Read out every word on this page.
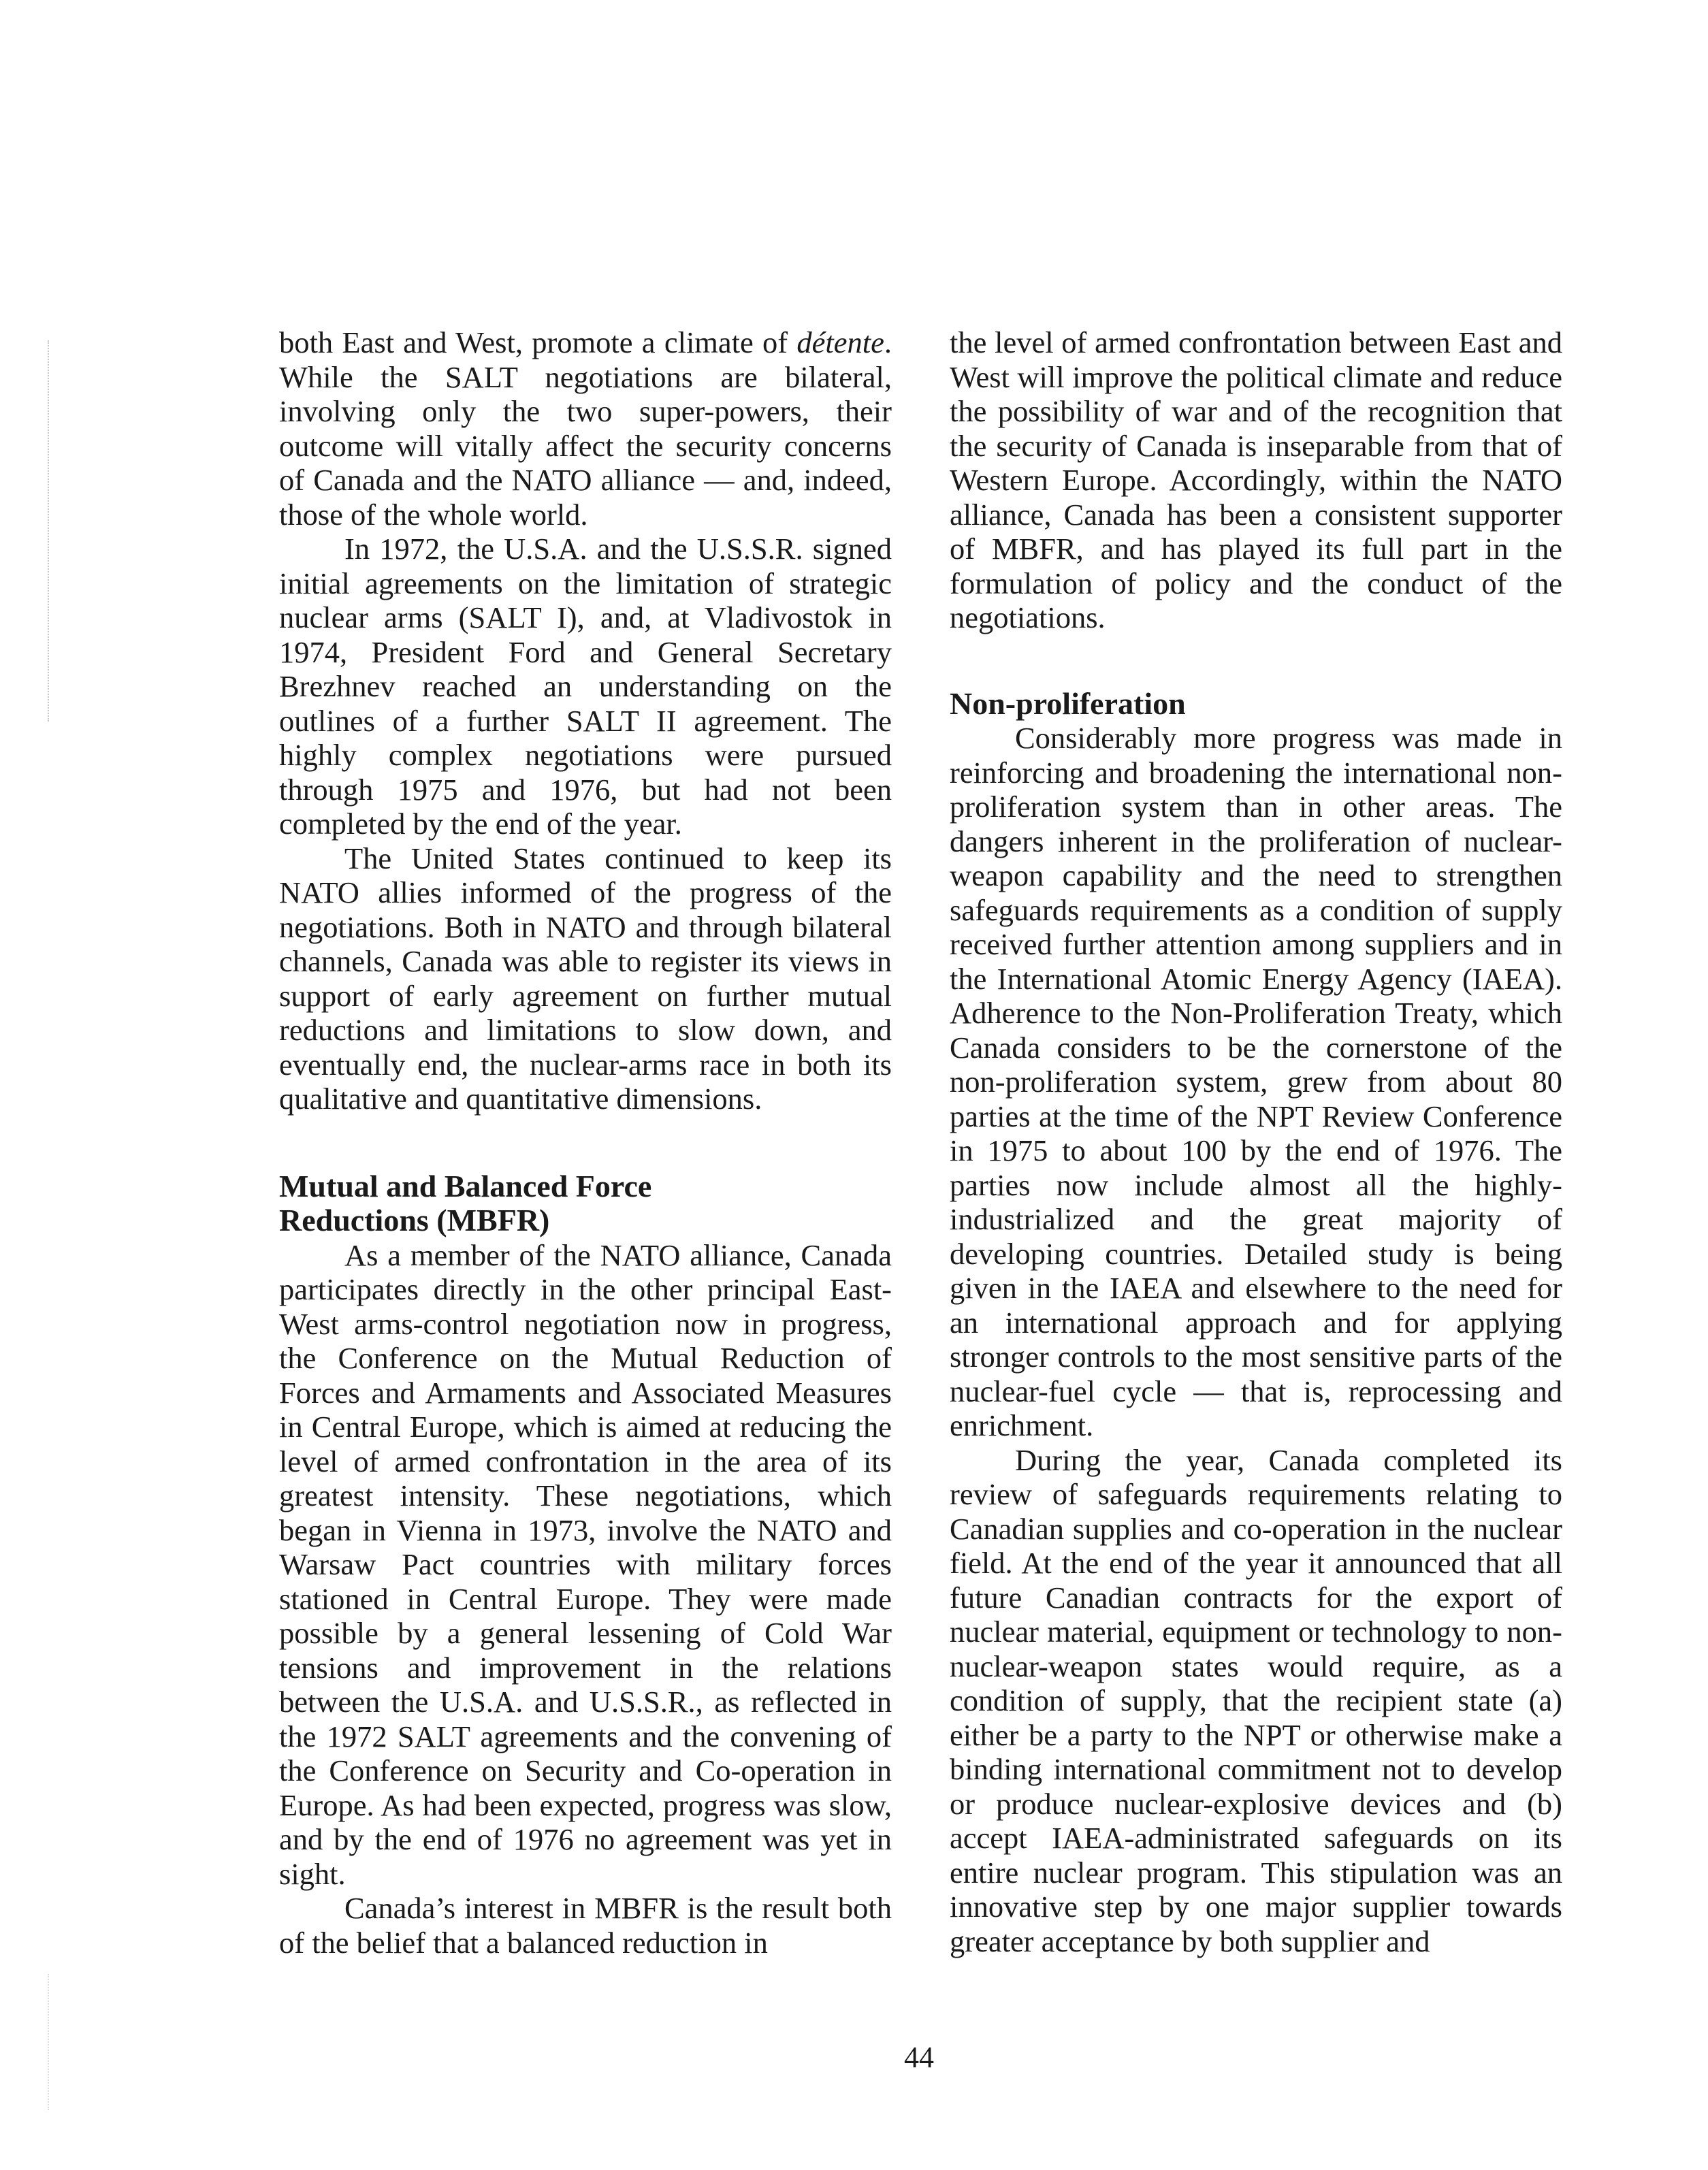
both East and West, promote a climate of détente. While the SALT negotiations are bilateral, involving only the two super-powers, their outcome will vitally affect the security concerns of Canada and the NATO alliance — and, indeed, those of the whole world.

In 1972, the U.S.A. and the U.S.S.R. signed initial agreements on the limitation of strategic nuclear arms (SALT I), and, at Vladivostok in 1974, President Ford and General Secretary Brezhnev reached an understanding on the outlines of a further SALT II agreement. The highly complex negotiations were pursued through 1975 and 1976, but had not been completed by the end of the year.

The United States continued to keep its NATO allies informed of the progress of the negotiations. Both in NATO and through bilateral channels, Canada was able to register its views in support of early agreement on further mutual reductions and limitations to slow down, and eventually end, the nuclear-arms race in both its qualitative and quantitative dimensions.

Mutual and Balanced Force
Reductions (MBFR)

As a member of the NATO alliance, Canada participates directly in the other principal East-West arms-control negotiation now in progress, the Conference on the Mutual Reduction of Forces and Armaments and Associated Measures in Central Europe, which is aimed at reducing the level of armed confrontation in the area of its greatest intensity. These negotiations, which began in Vienna in 1973, involve the NATO and Warsaw Pact countries with military forces stationed in Central Europe. They were made possible by a general lessening of Cold War tensions and improvement in the relations between the U.S.A. and U.S.S.R., as reflected in the 1972 SALT agreements and the convening of the Conference on Security and Co-operation in Europe. As had been expected, progress was slow, and by the end of 1976 no agreement was yet in sight.

Canada’s interest in MBFR is the result both of the belief that a balanced reduction in

the level of armed confrontation between East and West will improve the political climate and reduce the possibility of war and of the recognition that the security of Canada is inseparable from that of Western Europe. Accordingly, within the NATO alliance, Canada has been a consistent supporter of MBFR, and has played its full part in the formulation of policy and the conduct of the negotiations.

Non-proliferation

Considerably more progress was made in reinforcing and broadening the international non-proliferation system than in other areas. The dangers inherent in the proliferation of nuclear-weapon capability and the need to strengthen safeguards requirements as a condition of supply received further attention among suppliers and in the International Atomic Energy Agency (IAEA). Adherence to the Non-Proliferation Treaty, which Canada considers to be the cornerstone of the non-proliferation system, grew from about 80 parties at the time of the NPT Review Conference in 1975 to about 100 by the end of 1976. The parties now include almost all the highly-industrialized and the great majority of developing countries. Detailed study is being given in the IAEA and elsewhere to the need for an international approach and for applying stronger controls to the most sensitive parts of the nuclear-fuel cycle — that is, reprocessing and enrichment.

During the year, Canada completed its review of safeguards requirements relating to Canadian supplies and co-operation in the nuclear field. At the end of the year it announced that all future Canadian contracts for the export of nuclear material, equipment or technology to non-nuclear-weapon states would require, as a condition of supply, that the recipient state (a) either be a party to the NPT or otherwise make a binding international commitment not to develop or produce nuclear-explosive devices and (b) accept IAEA-administrated safeguards on its entire nuclear program. This stipulation was an innovative step by one major supplier towards greater acceptance by both supplier and

44
